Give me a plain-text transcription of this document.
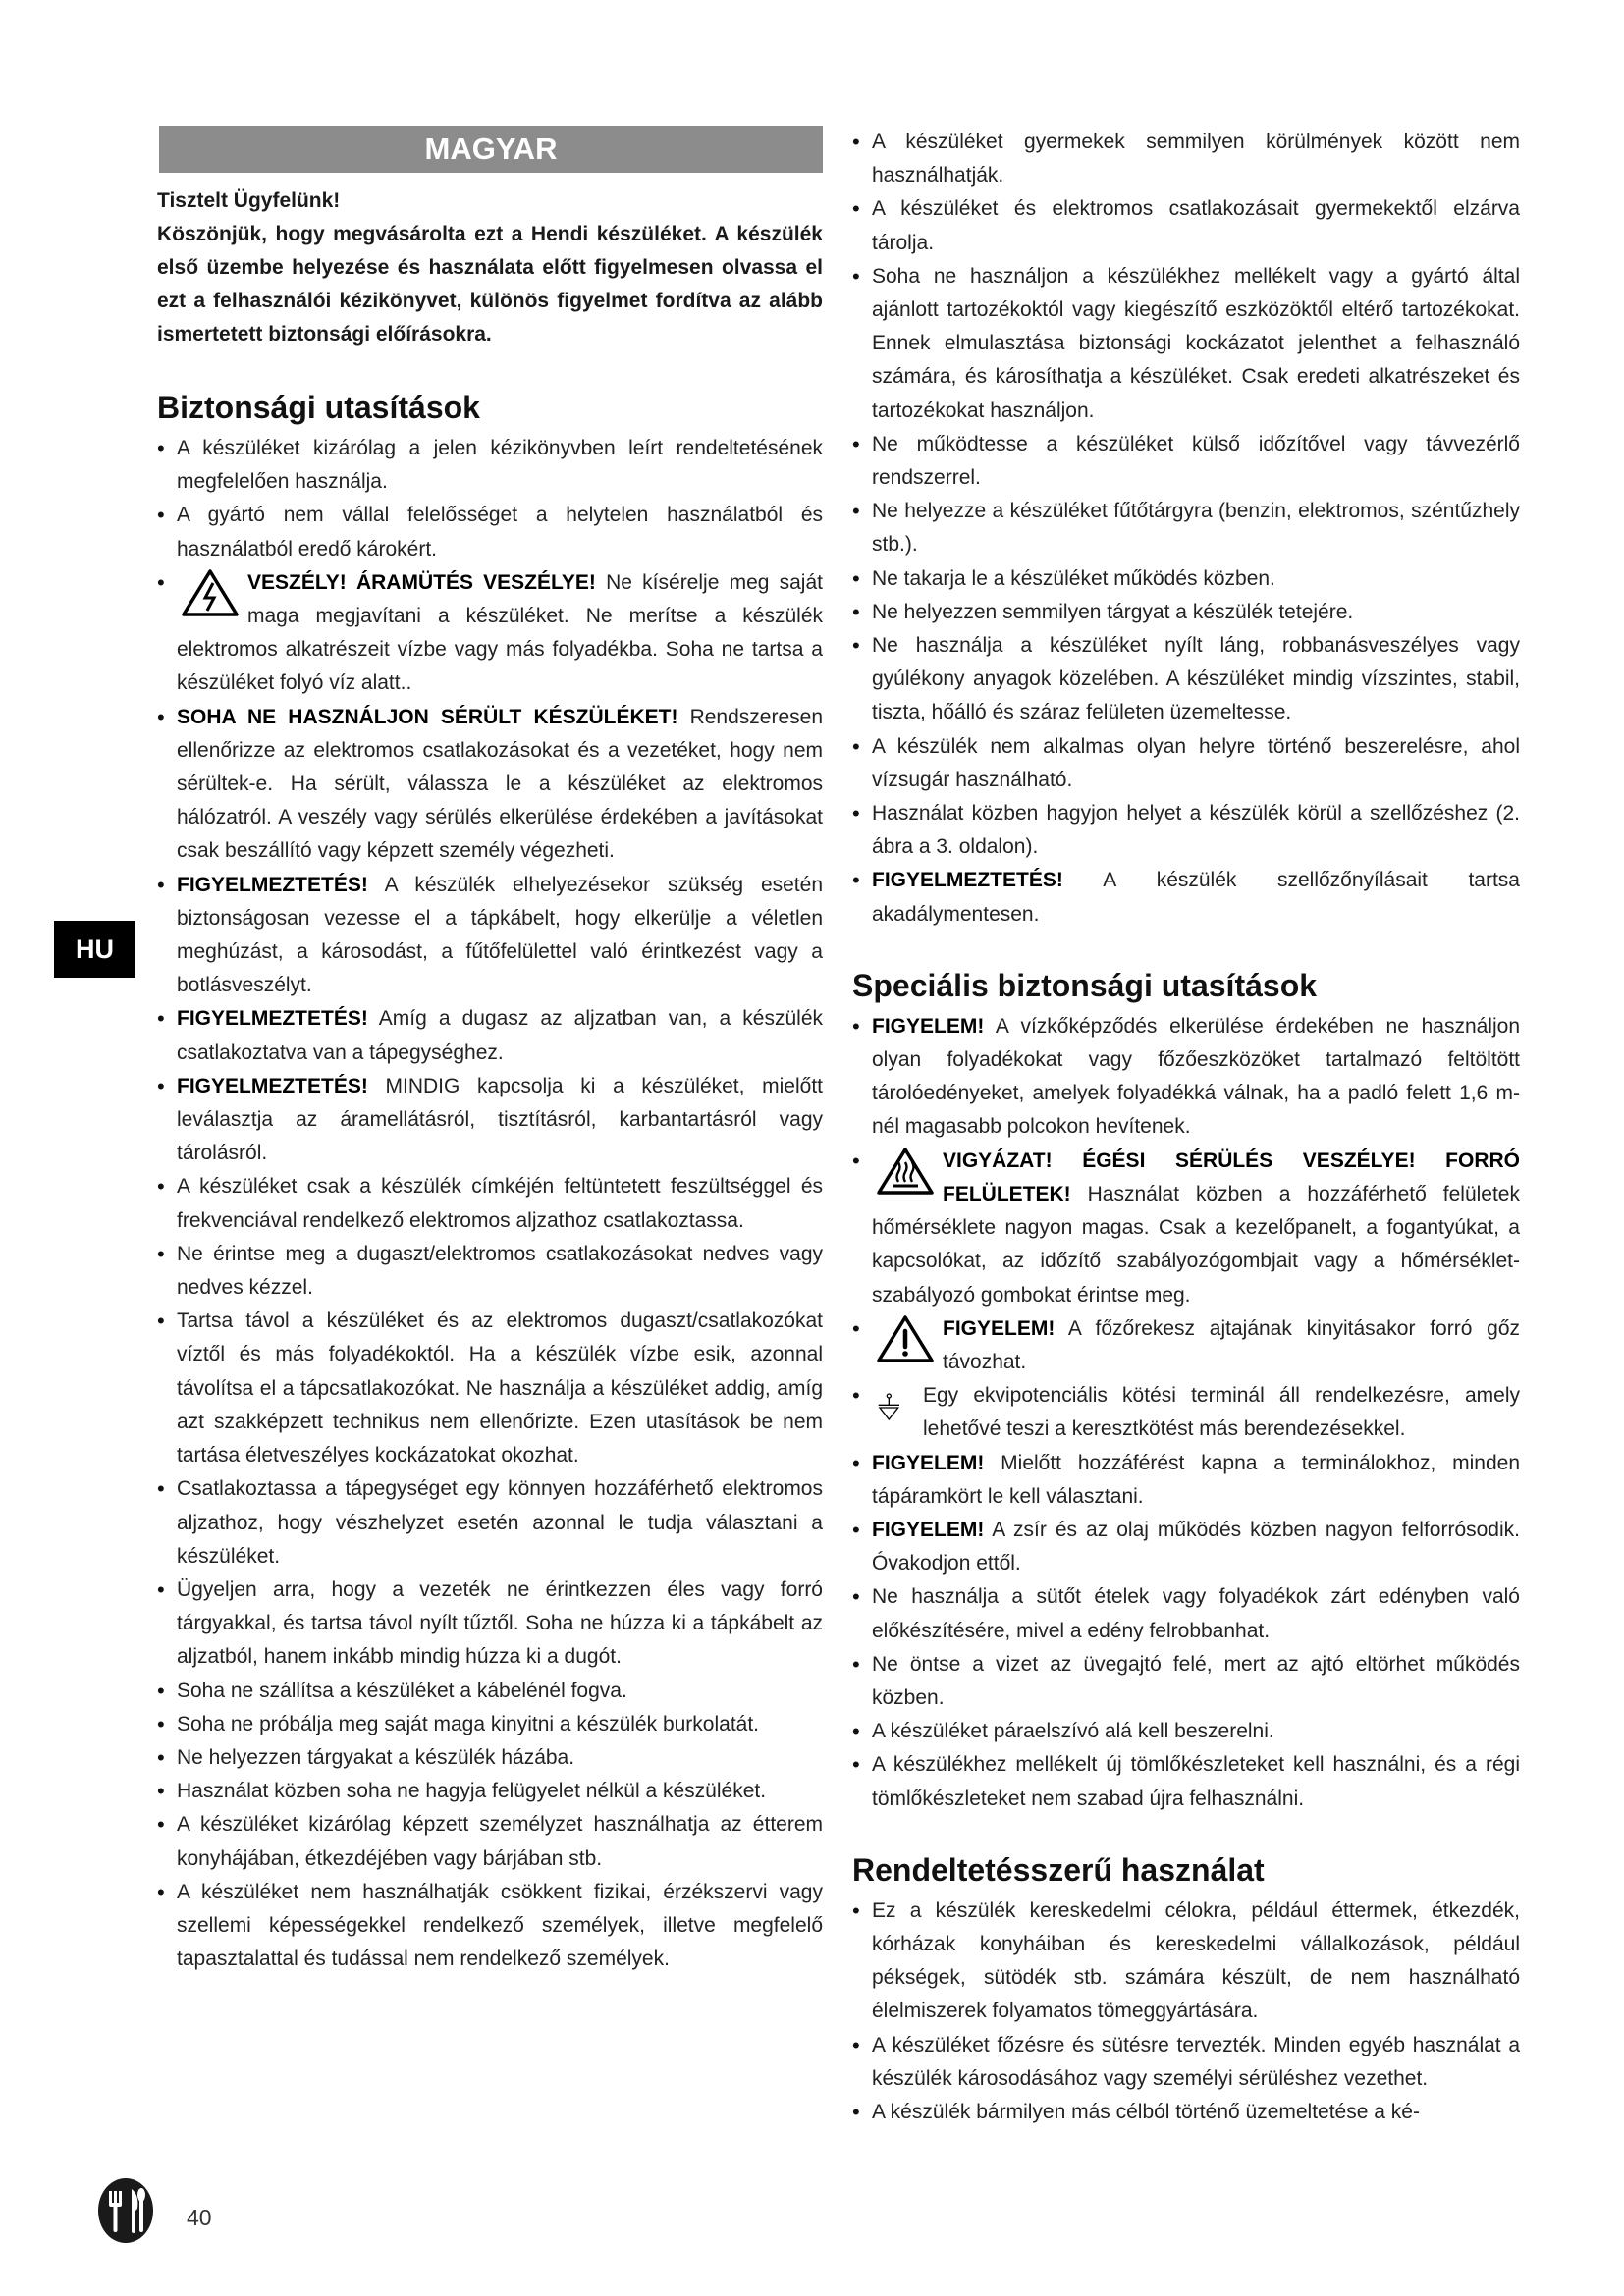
MAGYAR

Tisztelt Ügyfelünk!

Köszönjük, hogy megvásárolta ezt a Hendi készüléket. A készülék első üzembe helyezése és használata előtt figyelmesen olvassa el ezt a felhasználói kézikönyvet, különös figyelmet fordítva az alább ismertetett biztonsági előírásokra.

Biztonsági utasítások
• A készüléket kizárólag a jelen kézikönyvben leírt rendeltetésének megfelelően használja.
• A gyártó nem vállal felelősséget a helytelen használatból és használatból eredő károkért.
• VESZÉLY! ÁRAMÜTÉS VESZÉLYE! Ne kísérelje meg saját maga megjavítani a készüléket. Ne merítse a készülék elektromos alkatrészeit vízbe vagy más folyadékba. Soha ne tartsa a készüléket folyó víz alatt..
• SOHA NE HASZNÁLJON SÉRÜLT KÉSZÜLÉKET! Rendszeresen ellenőrizze az elektromos csatlakozásokat és a vezetéket, hogy nem sérültek-e. Ha sérült, válassza le a készüléket az elektromos hálózatról. A veszély vagy sérülés elkerülése érdekében a javításokat csak beszállító vagy képzett személy végezheti.
• FIGYELMEZTETÉS! A készülék elhelyezésekor szükség esetén biztonságosan vezesse el a tápkábelt, hogy elkerülje a véletlen meghúzást, a károsodást, a fűtőfelülettel való érintkezést vagy a botlásveszélyt.
• FIGYELMEZTETÉS! Amíg a dugasz az aljzatban van, a készülék csatlakoztatva van a tápegységhez.
• FIGYELMEZTETÉS! MINDIG kapcsolja ki a készüléket, mielőtt leválasztja az áramellátásról, tisztításról, karbantartásról vagy tárolásról.
• A készüléket csak a készülék címkéjén feltüntetett feszültséggel és frekvenciával rendelkező elektromos aljzathoz csatlakoztassa.
• Ne érintse meg a dugaszt/elektromos csatlakozásokat nedves vagy nedves kézzel.
• Tartsa távol a készüléket és az elektromos dugaszt/csatlakozókat víztől és más folyadékoktól. Ha a készülék vízbe esik, azonnal távolítsa el a tápcsatlakozókat. Ne használja a készüléket addig, amíg azt szakképzett technikus nem ellenőrizte. Ezen utasítások be nem tartása életveszélyes kockázatokat okozhat.
• Csatlakoztassa a tápegységet egy könnyen hozzáférhető elektromos aljzathoz, hogy vészhelyzet esetén azonnal le tudja választani a készüléket.
• Ügyeljen arra, hogy a vezeték ne érintkezzen éles vagy forró tárgyakkal, és tartsa távol nyílt tűztől. Soha ne húzza ki a tápkábelt az aljzatból, hanem inkább mindig húzza ki a dugót.
• Soha ne szállítsa a készüléket a kábelénél fogva.
• Soha ne próbálja meg saját maga kinyitni a készülék burkolatát.
• Ne helyezzen tárgyakat a készülék házába.
• Használat közben soha ne hagyja felügyelet nélkül a készüléket.
• A készüléket kizárólag képzett személyzet használhatja az étterem konyhájában, étkezdéjében vagy bárjában stb.
• A készüléket nem használhatják csökkent fizikai, érzékszervi vagy szellemi képességekkel rendelkező személyek, illetve megfelelő tapasztalattal és tudással nem rendelkező személyek.
• A készüléket gyermekek semmilyen körülmények között nem használhatják.
• A készüléket és elektromos csatlakozásait gyermekektől elzárva tárolja.
• Soha ne használjon a készülékhez mellékelt vagy a gyártó által ajánlott tartozékoktól vagy kiegészítő eszközöktől eltérő tartozékokat. Ennek elmulasztása biztonsági kockázatot jelenthet a felhasználó számára, és károsíthatja a készüléket. Csak eredeti alkatrészeket és tartozékokat használjon.
• Ne működtesse a készüléket külső időzítővel vagy távvezérlő rendszerrel.
• Ne helyezze a készüléket fűtőtárgyra (benzin, elektromos, széntűzhely stb.).
• Ne takarja le a készüléket működés közben.
• Ne helyezzen semmilyen tárgyat a készülék tetejére.
• Ne használja a készüléket nyílt láng, robbanásveszélyes vagy gyúlékony anyagok közelében. A készüléket mindig vízszintes, stabil, tiszta, hőálló és száraz felületen üzemeltesse.
• A készülék nem alkalmas olyan helyre történő beszerelésre, ahol vízsugár használható.
• Használat közben hagyjon helyet a készülék körül a szellőzéshez (2. ábra a 3. oldalon).
• FIGYELMEZTETÉS! A készülék szellőzőnyílásait tartsa akadálymentesen.
Speciális biztonsági utasítások
• FIGYELEM! A vízkőképződés elkerülése érdekében ne használjon olyan folyadékokat vagy főzőeszközöket tartalmazó feltöltött tárolóedényeket, amelyek folyadékká válnak, ha a padló felett 1,6 m-nél magasabb polcokon hevítenek.
• VIGYÁZAT! ÉGÉSI SÉRÜLÉS VESZÉLYE! FORRÓ FELÜLETEK! Használat közben a hozzáférhető felületek hőmérséklete nagyon magas. Csak a kezelőpanelt, a fogantyúkat, a kapcsolókat, az időzítő szabályozógombjait vagy a hőmérséklet-szabályozó gombokat érintse meg.
• FIGYELEM! A főzőrekesz ajtajának kinyitásakor forró gőz távozhat.
• Egy ekvipotenciális kötési terminál áll rendelkezésre, amely lehetővé teszi a keresztkötést más berendezésekkel.
• FIGYELEM! Mielőtt hozzáférést kapna a terminálokhoz, minden tápáramkört le kell választani.
• FIGYELEM! A zsír és az olaj működés közben nagyon felforrósodik. Óvakodjon ettől.
• Ne használja a sütőt ételek vagy folyadékok zárt edényben való előkészítésére, mivel a edény felrobbanhat.
• Ne öntse a vizet az üvegajtó felé, mert az ajtó eltörhet működés közben.
• A készüléket páraelszívó alá kell beszerelni.
• A készülékhez mellékelt új tömlőkészleteket kell használni, és a régi tömlőkészleteket nem szabad újra felhasználni.
Rendeltetésszerű használat
• Ez a készülék kereskedelmi célokra, például éttermek, étkezdék, kórházak konyháiban és kereskedelmi vállalkozások, például pékségek, sütödék stb. számára készült, de nem használható élelmiszerek folyamatos tömeggyártására.
• A készüléket főzésre és sütésre tervezték. Minden egyéb használat a készülék károsodásához vagy személyi sérüléshez vezethet.
• A készülék bármilyen más célból történő üzemeltetése a ké-
HU
40
